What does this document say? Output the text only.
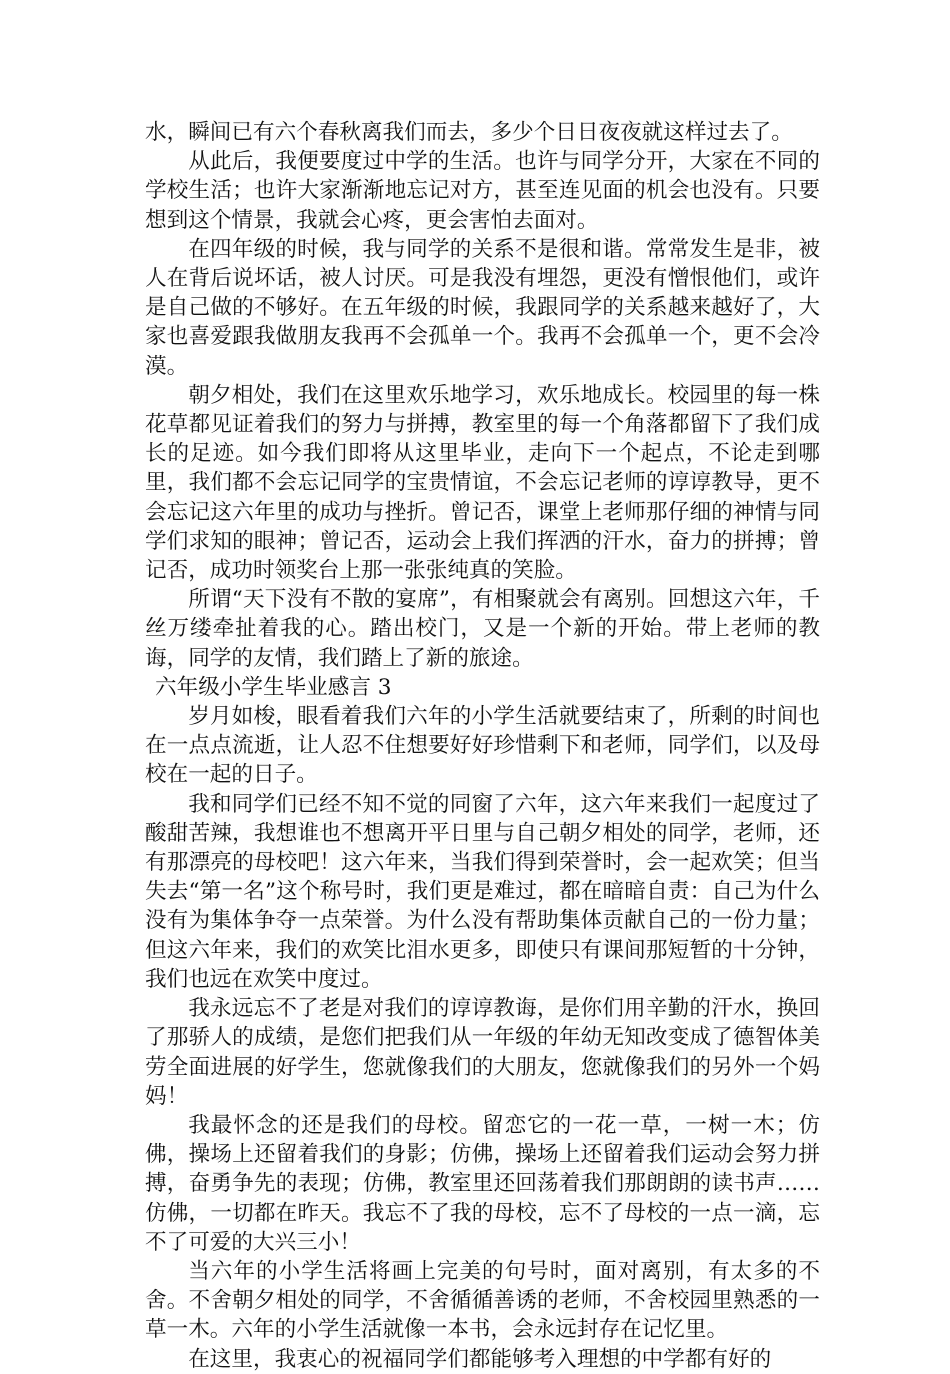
水，瞬间已有六个春秋离我们而去，多少个日日夜夜就这样过去了。

从此后，我便要度过中学的生活。也许与同学分开，大家在不同的学校生活；也许大家渐渐地忘记对方，甚至连见面的机会也没有。只要想到这个情景，我就会心疼，更会害怕去面对。

在四年级的时候，我与同学的关系不是很和谐。常常发生是非，被人在背后说坏话，被人讨厌。可是我没有埋怨，更没有憎恨他们，或许是自己做的不够好。在五年级的时候，我跟同学的关系越来越好了，大家也喜爱跟我做朋友我再不会孤单一个。我再不会孤单一个，更不会冷漠。

朝夕相处，我们在这里欢乐地学习，欢乐地成长。校园里的每一株花草都见证着我们的努力与拼搏，教室里的每一个角落都留下了我们成长的足迹。如今我们即将从这里毕业，走向下一个起点，不论走到哪里，我们都不会忘记同学的宝贵情谊，不会忘记老师的谆谆教导，更不会忘记这六年里的成功与挫折。曾记否，课堂上老师那仔细的神情与同学们求知的眼神；曾记否，运动会上我们挥洒的汗水，奋力的拼搏；曾记否，成功时领奖台上那一张张纯真的笑脸。

所谓“天下没有不散的宴席”，有相聚就会有离别。回想这六年，千丝万缕牵扯着我的心。踏出校门，又是一个新的开始。带上老师的教诲，同学的友情，我们踏上了新的旅途。

六年级小学生毕业感言 3

岁月如梭，眼看着我们六年的小学生活就要结束了，所剩的时间也在一点点流逝，让人忍不住想要好好珍惜剩下和老师，同学们，以及母校在一起的日子。

我和同学们已经不知不觉的同窗了六年，这六年来我们一起度过了酸甜苦辣，我想谁也不想离开平日里与自己朝夕相处的同学，老师，还有那漂亮的母校吧！这六年来，当我们得到荣誉时，会一起欢笑；但当失去“第一名”这个称号时，我们更是难过，都在暗暗自责：自己为什么没有为集体争夺一点荣誉。为什么没有帮助集体贡献自己的一份力量；但这六年来，我们的欢笑比泪水更多，即使只有课间那短暂的十分钟，我们也远在欢笑中度过。

我永远忘不了老是对我们的谆谆教诲，是你们用辛勤的汗水，换回了那骄人的成绩，是您们把我们从一年级的年幼无知改变成了德智体美劳全面进展的好学生，您就像我们的大朋友，您就像我们的另外一个妈妈！

我最怀念的还是我们的母校。留恋它的一花一草，一树一木；仿佛，操场上还留着我们的身影；仿佛，操场上还留着我们运动会努力拼搏，奋勇争先的表现；仿佛，教室里还回荡着我们那朗朗的读书声……仿佛，一切都在昨天。我忘不了我的母校，忘不了母校的一点一滴，忘不了可爱的大兴三小！

当六年的小学生活将画上完美的句号时，面对离别，有太多的不舍。不舍朝夕相处的同学，不舍循循善诱的老师，不舍校园里熟悉的一草一木。六年的小学生活就像一本书，会永远封存在记忆里。

在这里，我衷心的祝福同学们都能够考入理想的中学都有好的
